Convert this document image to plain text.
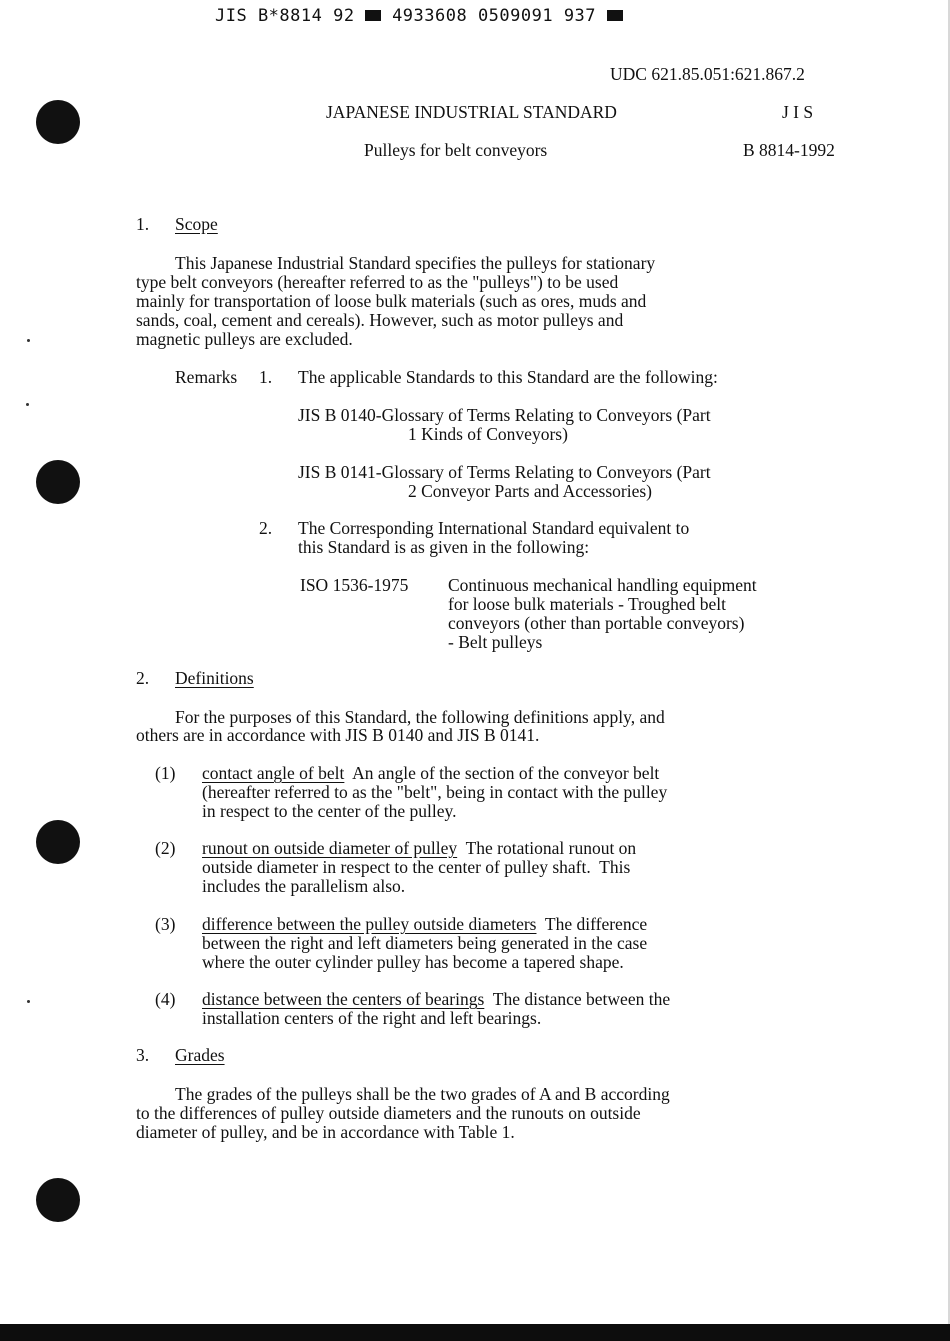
JIS B*8814 92 4933608 0509091 937
UDC 621.85.051:621.867.2
JAPANESE INDUSTRIAL STANDARD	J I S
Pulleys for belt conveyors	B 8814-1992
1. Scope
This Japanese Industrial Standard specifies the pulleys for stationary
type belt conveyors (hereafter referred to as the "pulleys") to be used
mainly for transportation of loose bulk materials (such as ores, muds and
sands, coal, cement and cereals). However, such as motor pulleys and
magnetic pulleys are excluded.
Remarks 1. The applicable Standards to this Standard are the following:
JIS B 0140-Glossary of Terms Relating to Conveyors (Part
1 Kinds of Conveyors)
JIS B 0141-Glossary of Terms Relating to Conveyors (Part
2 Conveyor Parts and Accessories)
2. The Corresponding International Standard equivalent to
this Standard is as given in the following:
ISO 1536-1975 Continuous mechanical handling equipment
for loose bulk materials - Troughed belt
conveyors (other than portable conveyors)
- Belt pulleys
2. Definitions
For the purposes of this Standard, the following definitions apply, and
others are in accordance with JIS B 0140 and JIS B 0141.
(1) contact angle of belt An angle of the section of the conveyor belt
(hereafter referred to as the "belt", being in contact with the pulley
in respect to the center of the pulley.
(2) runout on outside diameter of pulley The rotational runout on
outside diameter in respect to the center of pulley shaft.  This
includes the parallelism also.
(3) difference between the pulley outside diameters The difference
between the right and left diameters being generated in the case
where the outer cylinder pulley has become a tapered shape.
(4) distance between the centers of bearings The distance between the
installation centers of the right and left bearings.
3. Grades
The grades of the pulleys shall be the two grades of A and B according
to the differences of pulley outside diameters and the runouts on outside
diameter of pulley, and be in accordance with Table 1.
